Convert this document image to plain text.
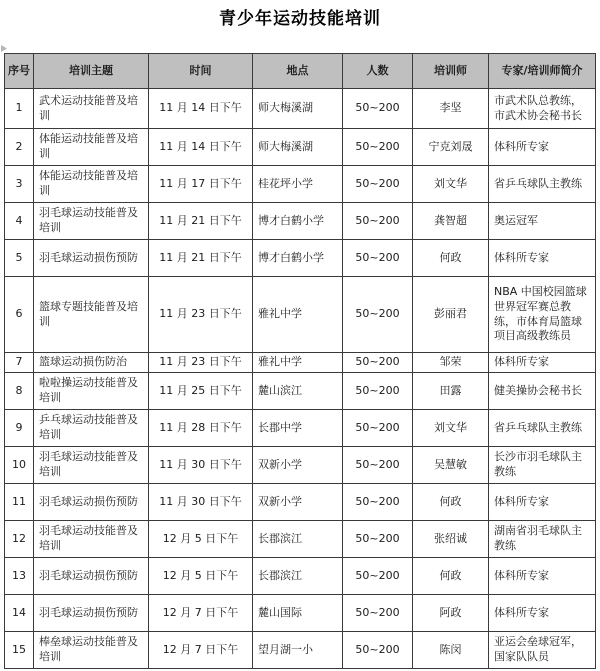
青少年运动技能培训
序号	培训主题	时间	地点	人数	培训师	专家/培训师简介
1	武术运动技能普及培训	11 月 14 日下午	师大梅溪湖	50~200	李坚	市武术队总教练，市武术协会秘书长
2	体能运动技能普及培训	11 月 14 日下午	师大梅溪湖	50~200	宁克刘晟	体科所专家
3	体能运动技能普及培训	11 月 17 日下午	桂花坪小学	50~200	刘文华	省乒乓球队主教练
4	羽毛球运动技能普及培训	11 月 21 日下午	博才白鹤小学	50~200	龚智超	奥运冠军
5	羽毛球运动损伤预防	11 月 21 日下午	博才白鹤小学	50~200	何政	体科所专家
6	篮球专题技能普及培训	11 月 23 日下午	雅礼中学	50~200	彭丽君	NBA 中国校园篮球世界冠军赛总教练，市体育局篮球项目高级教练员
7	篮球运动损伤防治	11 月 23 日下午	雅礼中学	50~200	邹荣	体科所专家
8	啦啦操运动技能普及培训	11 月 25 日下午	麓山滨江	50~200	田露	健美操协会秘书长
9	乒乓球运动技能普及培训	11 月 28 日下午	长郡中学	50~200	刘文华	省乒乓球队主教练
10	羽毛球运动技能普及培训	11 月 30 日下午	双新小学	50~200	吴慧敏	长沙市羽毛球队主教练
11	羽毛球运动损伤预防	11 月 30 日下午	双新小学	50~200	何政	体科所专家
12	羽毛球运动技能普及培训	12 月 5 日下午	长郡滨江	50~200	张绍诚	湖南省羽毛球队主教练
13	羽毛球运动损伤预防	12 月 5 日下午	长郡滨江	50~200	何政	体科所专家
14	羽毛球运动损伤预防	12 月 7 日下午	麓山国际	50~200	阿政	体科所专家
15	棒垒球运动技能普及培训	12 月 7 日下午	望月湖一小	50~200	陈闵	亚运会垒球冠军，国家队队员
